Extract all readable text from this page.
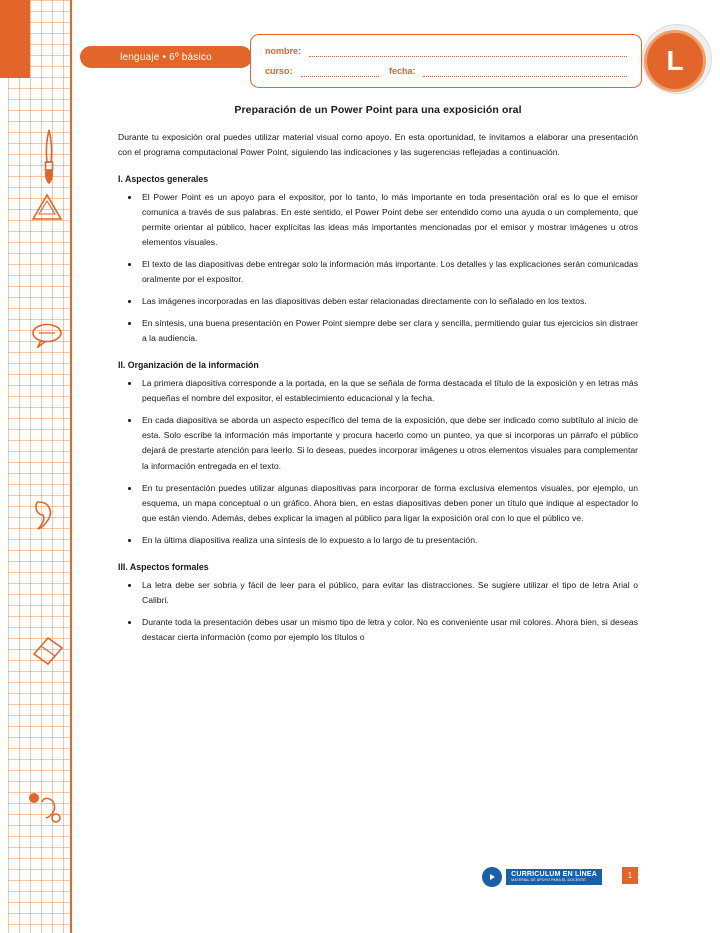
lenguaje • 6º básico
nombre:
curso:	fecha:	L
Preparación de un Power Point para una exposición oral

Durante tu exposición oral puedes utilizar material visual como apoyo. En esta oportunidad, te invitamos a elaborar una presentación con el programa computacional Power Point, siguiendo las indicaciones y las sugerencias reflejadas a continuación.

I. Aspectos generales
El Power Point es un apoyo para el expositor, por lo tanto, lo más importante en toda presentación oral es lo que el emisor comunica a través de sus palabras. En este sentido, el Power Point debe ser entendido como una ayuda o un complemento, que permite orientar al público, hacer explícitas las ideas más importantes mencionadas por el emisor y mostrar imágenes u otros elementos visuales.
El texto de las diapositivas debe entregar solo la información más importante. Los detalles y las explicaciones serán comunicadas oralmente por el expositor.
Las imágenes incorporadas en las diapositivas deben estar relacionadas directamente con lo señalado en los textos.
En síntesis, una buena presentación en Power Point siempre debe ser clara y sencilla, permitiendo guiar tus ejercicios sin distraer a la audiencia.
II. Organización de la información
La primera diapositiva corresponde a la portada, en la que se señala de forma destacada el título de la exposición y en letras más pequeñas el nombre del expositor, el establecimiento educacional y la fecha.
En cada diapositiva se aborda un aspecto específico del tema de la exposición, que debe ser indicado como subtítulo al inicio de esta. Solo escribe la información más importante y procura hacerlo como un punteo, ya que si incorporas un párrafo el público dejará de prestarte atención para leerlo. Si lo deseas, puedes incorporar imágenes u otros elementos visuales para complementar la información entregada en el texto.
En tu presentación puedes utilizar algunas diapositivas para incorporar de forma exclusiva elementos visuales, por ejemplo, un esquema, un mapa conceptual o un gráfico. Ahora bien, en estas diapositivas deben poner un título que indique al espectador lo que están viendo. Además, debes explicar la imagen al público para ligar la exposición oral con lo que el público ve.
En la última diapositiva realiza una síntesis de lo expuesto a lo largo de tu presentación.
III. Aspectos formales
La letra debe ser sobria y fácil de leer para el público, para evitar las distracciones. Se sugiere utilizar el tipo de letra Arial o Calibri.
Durante toda la presentación debes usar un mismo tipo de letra y color. No es conveniente usar mil colores. Ahora bien, si deseas destacar cierta información (como por ejemplo los títulos o
CURRICULUM EN LÍNEA
MATERIAL DE APOYO PARA EL DOCENTE	1
